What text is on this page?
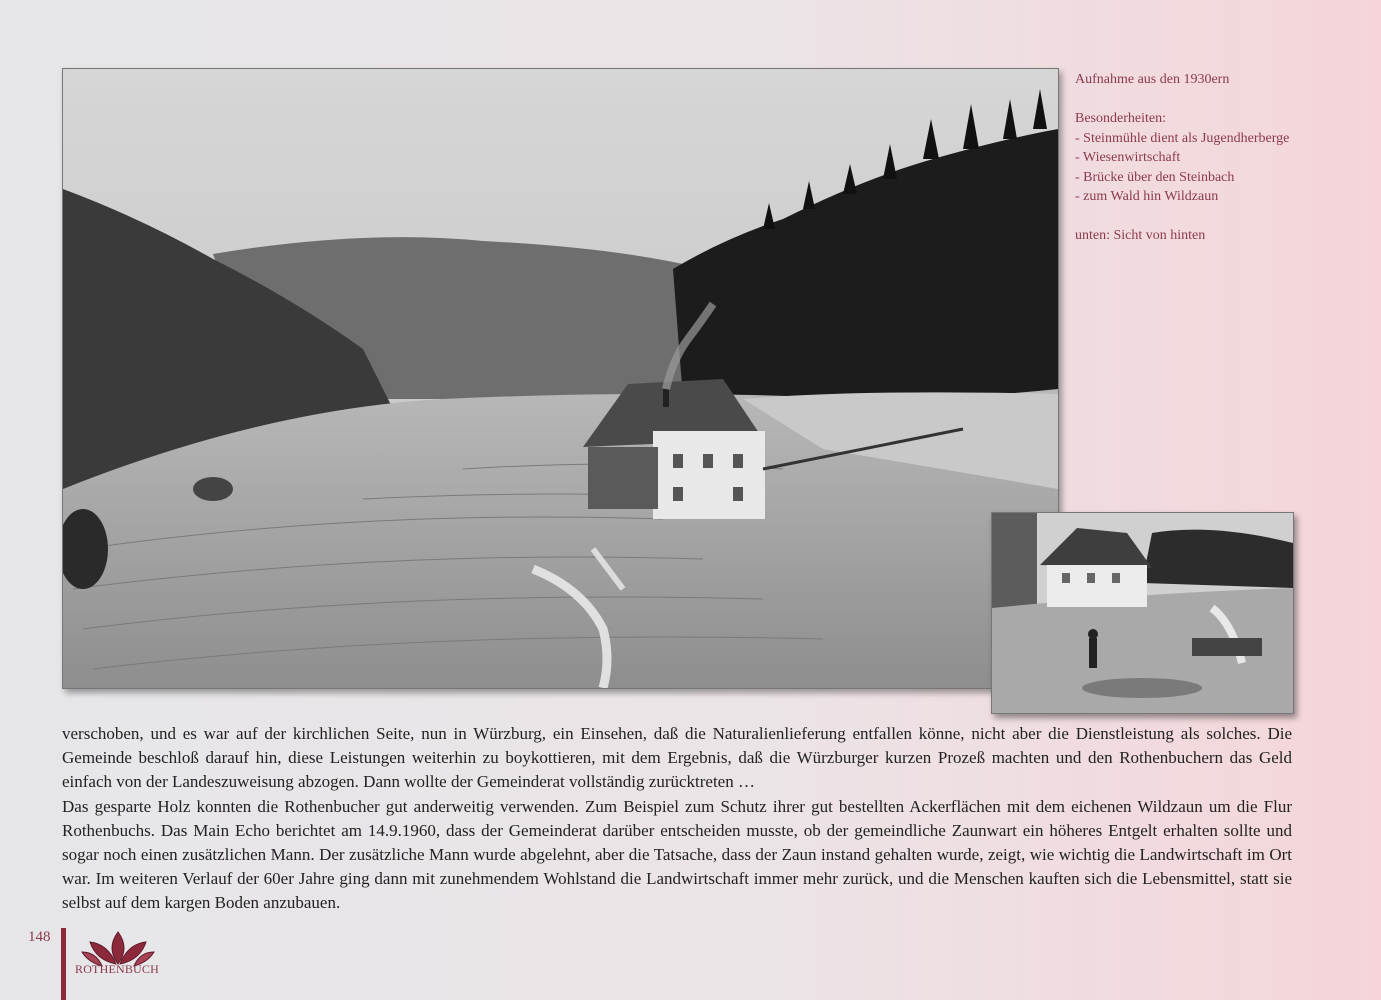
Aufnahme aus den 1930ern

Besonderheiten:

- Steinmühle dient als Jugendherberge

- Wiesenwirtschaft

- Brücke über den Steinbach

- zum Wald hin Wildzaun

unten: Sicht von hinten

verschoben, und es war auf der kirchlichen Seite, nun in Würzburg, ein Einsehen, daß die Naturalienlieferung entfallen könne, nicht aber die Dienstleistung als solches. Die Gemeinde beschloß darauf hin, diese Leistungen weiterhin zu boykottieren, mit dem Ergebnis, daß die Würzburger kurzen Prozeß machten und den Rothenbuchern das Geld einfach von der Landeszuweisung abzogen. Dann wollte der Gemeinderat vollständig zurücktreten …

Das gesparte Holz konnten die Rothenbucher gut anderweitig verwenden. Zum Beispiel zum Schutz ihrer gut bestellten Ackerflächen mit dem eichenen Wildzaun um die Flur Rothenbuchs. Das Main Echo berichtet am 14.9.1960, dass der Gemeinderat darüber entscheiden musste, ob der gemeindliche Zaunwart ein höheres Entgelt erhalten sollte und sogar noch einen zusätzlichen Mann. Der zusätzliche Mann wurde abgelehnt, aber die Tatsache, dass der Zaun instand gehalten wurde, zeigt, wie wichtig die Landwirtschaft im Ort war. Im weiteren Verlauf der 60er Jahre ging dann mit zunehmendem Wohlstand die Landwirtschaft immer mehr zurück, und die Menschen kauften sich die Lebensmittel, statt sie selbst auf dem kargen Boden anzubauen.

148
ROTHENBUCH
